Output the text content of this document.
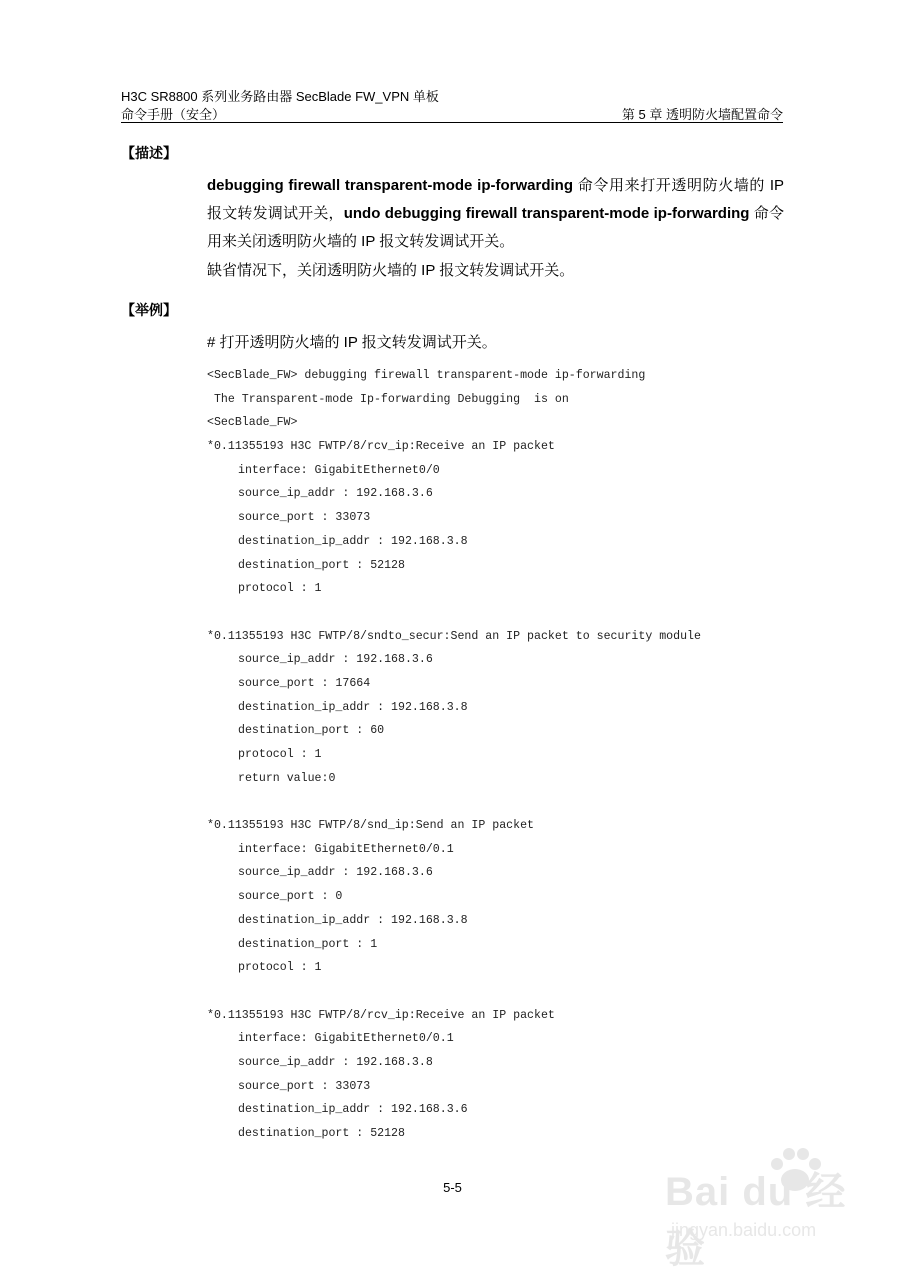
H3C SR8800 系列业务路由器 SecBlade FW_VPN 单板
命令手册（安全）	第 5 章 透明防火墙配置命令
【描述】
debugging firewall transparent-mode ip-forwarding 命令用来打开透明防火墙的 IP 报文转发调试开关，undo debugging firewall transparent-mode ip-forwarding 命令用来关闭透明防火墙的 IP 报文转发调试开关。
缺省情况下，关闭透明防火墙的 IP 报文转发调试开关。
【举例】
# 打开透明防火墙的 IP 报文转发调试开关。
<SecBlade_FW> debugging firewall transparent-mode ip-forwarding
The Transparent-mode Ip-forwarding Debugging  is on
<SecBlade_FW>
*0.11355193 H3C FWTP/8/rcv_ip:Receive an IP packet
interface: GigabitEthernet0/0
source_ip_addr : 192.168.3.6
source_port : 33073
destination_ip_addr : 192.168.3.8
destination_port : 52128
protocol : 1
*0.11355193 H3C FWTP/8/sndto_secur:Send an IP packet to security module
source_ip_addr : 192.168.3.6
source_port : 17664
destination_ip_addr : 192.168.3.8
destination_port : 60
protocol : 1
return value:0
*0.11355193 H3C FWTP/8/snd_ip:Send an IP packet
interface: GigabitEthernet0/0.1
source_ip_addr : 192.168.3.6
source_port : 0
destination_ip_addr : 192.168.3.8
destination_port : 1
protocol : 1
*0.11355193 H3C FWTP/8/rcv_ip:Receive an IP packet
interface: GigabitEthernet0/0.1
source_ip_addr : 192.168.3.8
source_port : 33073
destination_ip_addr : 192.168.3.6
destination_port : 52128
5-5	Bai du 经验
jingyan.baidu.com
